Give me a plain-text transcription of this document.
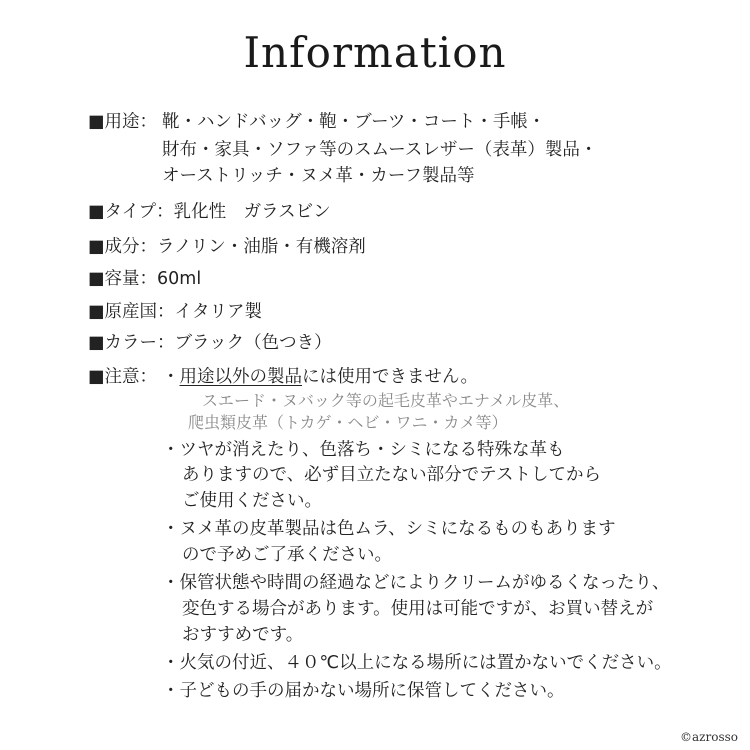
Information
■用途： 靴・ハンドバッグ・鞄・ブーツ・コート・手帳・
財布・家具・ソファ等のスムースレザー（表革）製品・
オーストリッチ・ヌメ革・カーフ製品等
■タイプ：乳化性　ガラスビン
■成分：ラノリン・油脂・有機溶剤
■容量：60ml
■原産国：イタリア製
■カラー：ブラック（色つき）
■注意： ・用途以外の製品には使用できません。
スエード・ヌバック等の起毛皮革やエナメル皮革、
爬虫類皮革（トカゲ・ヘビ・ワニ・カメ等）
・ツヤが消えたり、色落ち・シミになる特殊な革も
ありますので、必ず目立たない部分でテストしてから
ご使用ください。
・ヌメ革の皮革製品は色ムラ、シミになるものもあります
ので予めご了承ください。
・保管状態や時間の経過などによりクリームがゆるくなったり、
変色する場合があります。使用は可能ですが、お買い替えが
おすすめです。
・火気の付近、４０℃以上になる場所には置かないでください。
・子どもの手の届かない場所に保管してください。
©azrosso
